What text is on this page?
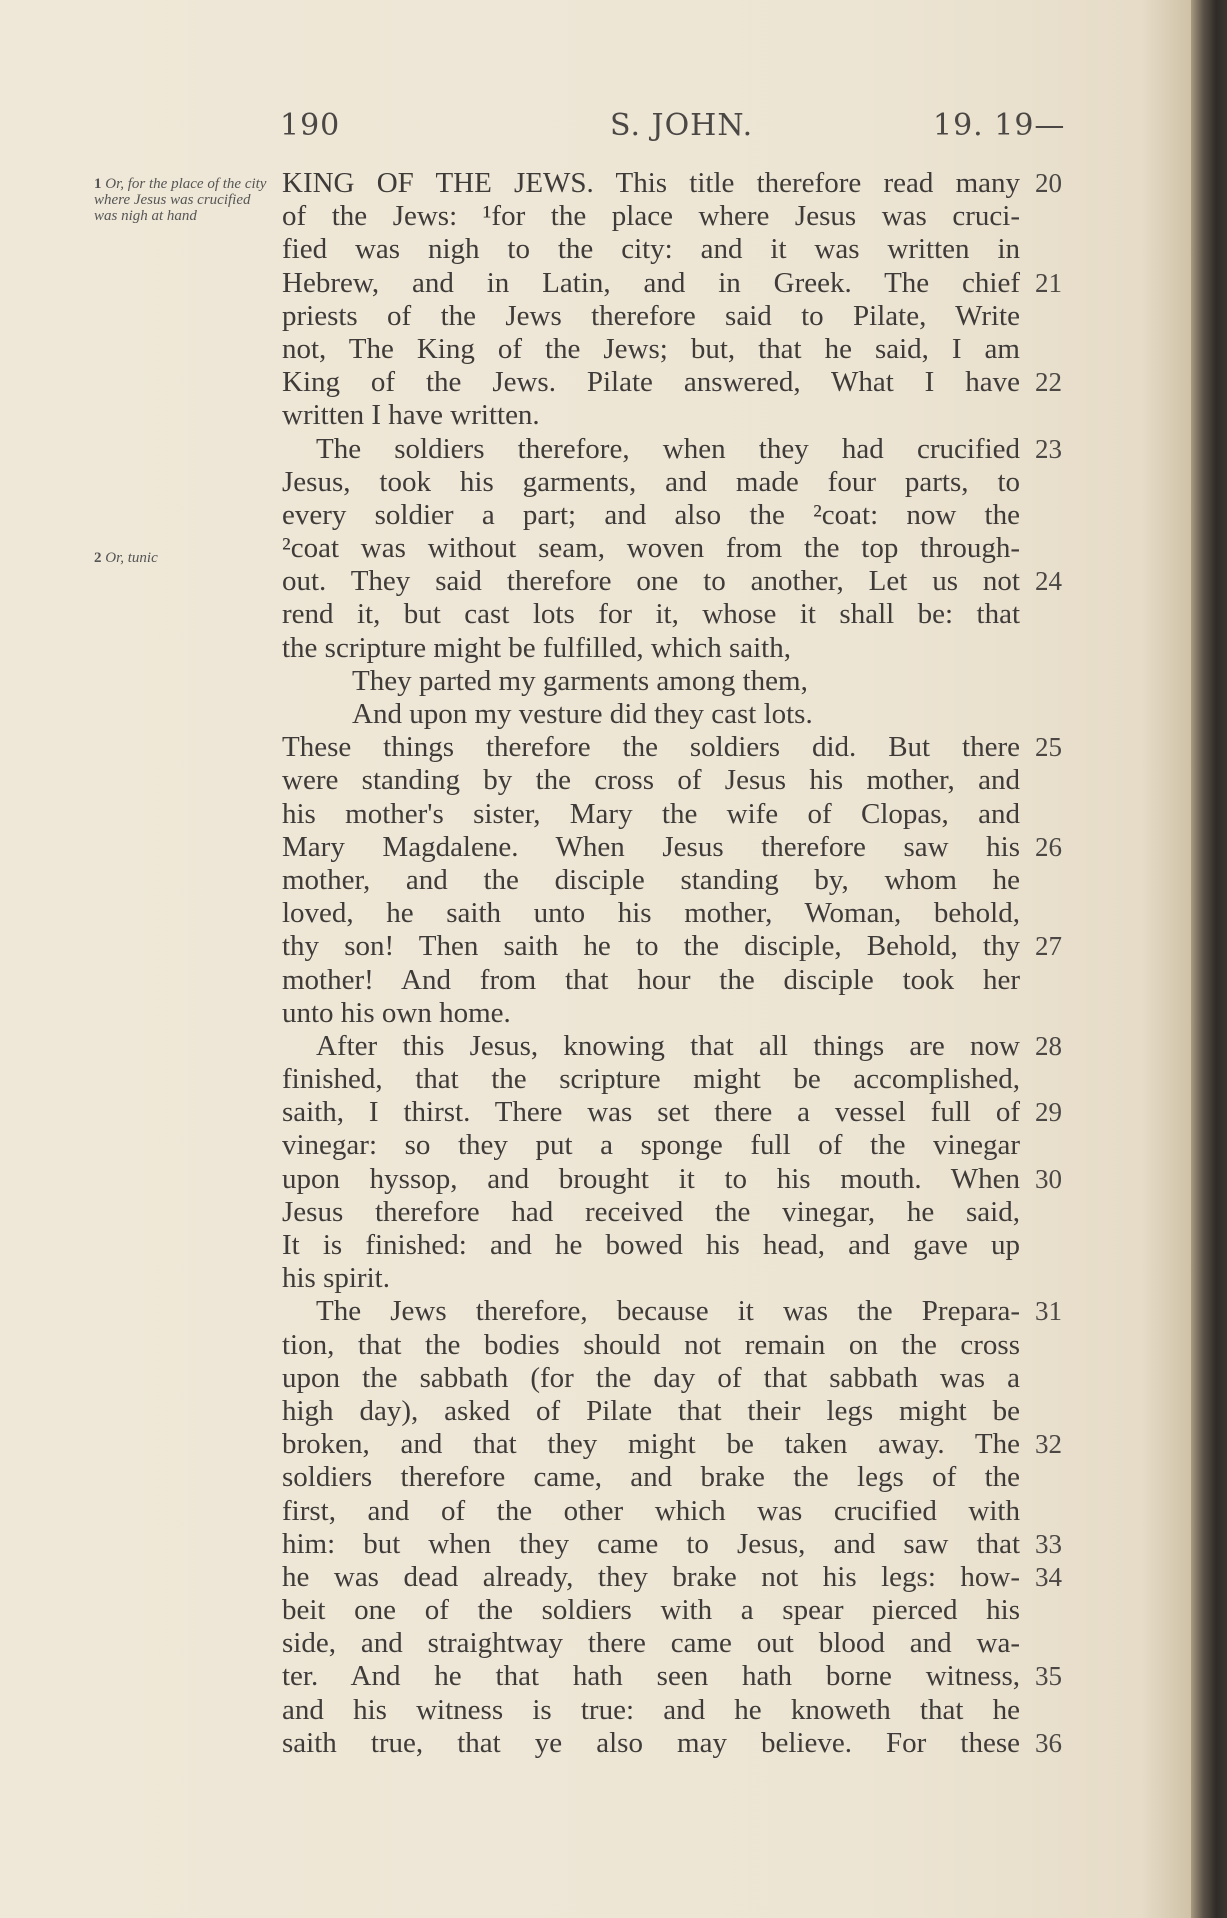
190	S. JOHN.	19. 19—
1 Or, for the place of the city where Jesus was crucified was nigh at hand
2 Or, tunic
KING OF THE JEWS. This title therefore read many 20
of the Jews: ¹for the place where Jesus was cruci-
fied was nigh to the city: and it was written in
Hebrew, and in Latin, and in Greek. The chief 21
priests of the Jews therefore said to Pilate, Write
not, The King of the Jews; but, that he said, I am
King of the Jews. Pilate answered, What I have 22
written I have written.
The soldiers therefore, when they had crucified 23
Jesus, took his garments, and made four parts, to
every soldier a part; and also the ²coat: now the
²coat was without seam, woven from the top through-
out. They said therefore one to another, Let us not 24
rend it, but cast lots for it, whose it shall be: that
the scripture might be fulfilled, which saith,
They parted my garments among them,
And upon my vesture did they cast lots.
These things therefore the soldiers did. But there 25
were standing by the cross of Jesus his mother, and
his mother's sister, Mary the wife of Clopas, and
Mary Magdalene. When Jesus therefore saw his 26
mother, and the disciple standing by, whom he
loved, he saith unto his mother, Woman, behold,
thy son! Then saith he to the disciple, Behold, thy 27
mother! And from that hour the disciple took her
unto his own home.
After this Jesus, knowing that all things are now 28
finished, that the scripture might be accomplished,
saith, I thirst. There was set there a vessel full of 29
vinegar: so they put a sponge full of the vinegar
upon hyssop, and brought it to his mouth. When 30
Jesus therefore had received the vinegar, he said,
It is finished: and he bowed his head, and gave up
his spirit.
The Jews therefore, because it was the Prepara- 31
tion, that the bodies should not remain on the cross
upon the sabbath (for the day of that sabbath was a
high day), asked of Pilate that their legs might be
broken, and that they might be taken away. The 32
soldiers therefore came, and brake the legs of the
first, and of the other which was crucified with
him: but when they came to Jesus, and saw that 33
he was dead already, they brake not his legs: how- 34
beit one of the soldiers with a spear pierced his
side, and straightway there came out blood and wa-
ter. And he that hath seen hath borne witness, 35
and his witness is true: and he knoweth that he
saith true, that ye also may believe. For these 36
